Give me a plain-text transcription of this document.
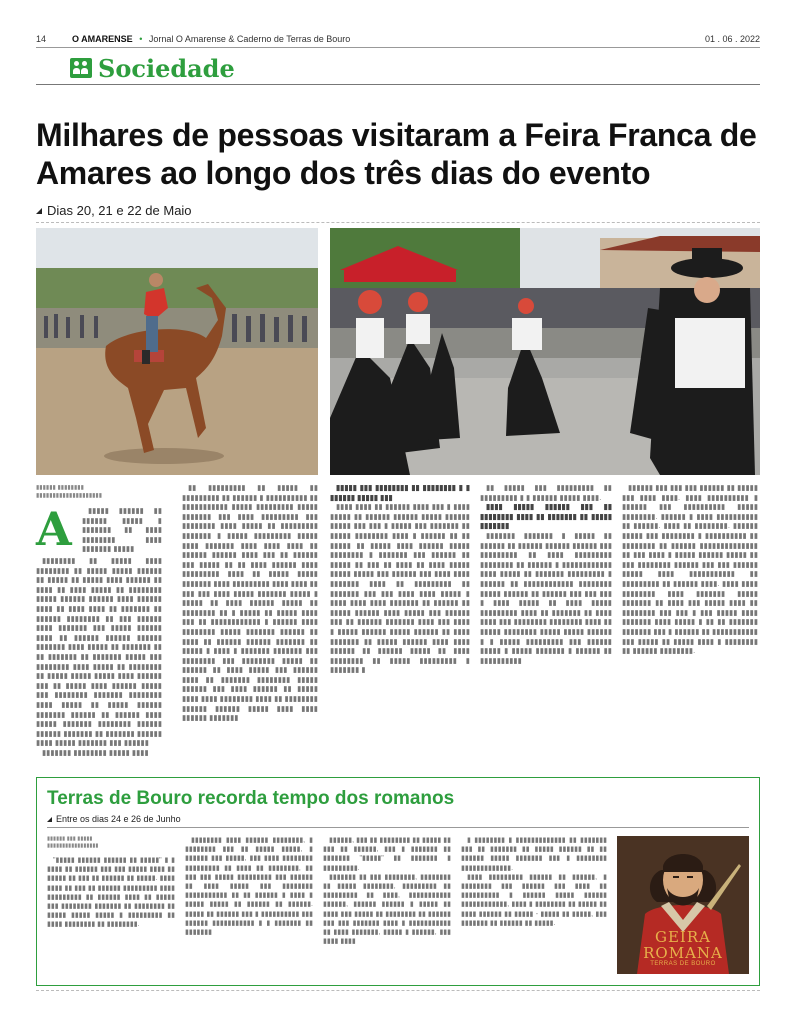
14	O AMARENSE • Jornal O Amarense & Caderno de Terras de Bouro	01 . 06 . 2022
Sociedade
Milhares de pessoas visitaram a Feira Franca de Amares ao longo dos três dias do evento
Dias 20, 21 e 22 de Maio
▮▮▮▮▮▮ ▮▮▮▮▮▮▮▮
▮▮▮▮▮▮▮▮▮▮▮▮▮▮▮▮▮▮▮▮
A	▮▮▮▮▮ ▮▮▮▮▮▮ ▮▮ ▮▮▮▮▮▮ ▮▮▮▮▮ ▮ ▮▮▮▮▮▮▮ ▮▮ ▮▮▮▮ ▮▮▮▮▮▮▮▮ ▮▮▮▮ ▮▮▮▮▮▮▮ ▮▮▮▮▮

▮▮▮▮▮▮▮▮ ▮▮ ▮▮▮▮▮ ▮▮▮▮ ▮▮▮▮▮▮▮▮ ▮▮ ▮▮▮▮▮ ▮▮▮▮▮ ▮▮▮▮▮▮ ▮▮ ▮▮▮▮▮ ▮▮ ▮▮▮▮▮ ▮▮▮▮ ▮▮▮▮▮▮ ▮▮ ▮▮▮▮ ▮▮ ▮▮▮▮ ▮▮▮▮▮ ▮▮ ▮▮▮▮▮▮▮▮ ▮▮▮▮▮ ▮▮▮▮▮▮ ▮▮▮▮▮▮ ▮▮▮▮ ▮▮▮▮▮▮ ▮▮▮▮ ▮▮ ▮▮▮▮ ▮▮▮▮ ▮▮ ▮▮▮▮▮▮▮ ▮▮ ▮▮▮▮▮▮ ▮▮▮▮▮▮▮▮ ▮▮ ▮▮▮ ▮▮▮▮▮▮ ▮▮▮▮ ▮▮▮▮▮▮▮ ▮▮▮ ▮▮▮▮▮ ▮▮▮▮▮▮ ▮▮▮▮ ▮▮ ▮▮▮▮▮▮ ▮▮▮▮▮▮ ▮▮▮▮▮▮ ▮▮▮▮▮▮▮ ▮▮▮▮ ▮▮▮▮▮ ▮▮ ▮▮▮▮▮▮▮ ▮▮ ▮▮ ▮▮▮▮▮▮▮ ▮▮ ▮▮▮▮▮▮▮ ▮▮▮▮▮ ▮▮▮ ▮▮▮▮▮▮▮▮ ▮▮▮▮ ▮▮▮▮▮ ▮▮ ▮▮▮▮▮▮▮▮ ▮▮ ▮▮▮▮▮ ▮▮▮▮▮ ▮▮▮▮▮ ▮▮▮▮ ▮▮▮▮▮▮ ▮▮▮ ▮▮ ▮▮▮▮▮ ▮▮▮▮ ▮▮▮▮▮▮ ▮▮▮▮▮ ▮▮▮ ▮▮▮▮▮▮▮▮ ▮▮▮▮▮▮▮ ▮▮▮▮▮▮▮▮ ▮▮▮▮ ▮▮▮▮▮ ▮▮ ▮▮▮▮▮ ▮▮▮▮▮▮ ▮▮▮▮▮▮▮ ▮▮▮▮▮▮ ▮▮ ▮▮▮▮▮▮ ▮▮▮▮ ▮▮▮▮▮ ▮▮▮▮▮▮▮ ▮▮▮▮▮▮▮▮ ▮▮▮▮▮▮ ▮▮▮▮▮▮ ▮▮▮▮▮▮▮ ▮▮ ▮▮▮▮▮▮▮ ▮▮▮▮▮▮ ▮▮▮▮ ▮▮▮▮▮ ▮▮▮▮▮▮▮ ▮▮▮ ▮▮▮▮▮▮

▮▮▮▮▮▮▮ ▮▮▮▮▮▮▮▮ ▮▮▮▮▮ ▮▮▮▮

▮▮ ▮▮▮▮▮▮▮▮▮ ▮▮ ▮▮▮▮▮ ▮▮ ▮▮▮▮▮▮▮▮▮ ▮▮ ▮▮▮▮▮▮ ▮ ▮▮▮▮▮▮▮▮▮▮ ▮▮ ▮▮▮▮▮▮▮▮▮▮▮ ▮▮▮▮▮ ▮▮▮▮▮▮▮▮▮ ▮▮▮▮▮ ▮▮▮▮▮▮▮ ▮▮▮ ▮▮▮▮ ▮▮▮▮▮▮▮▮▮ ▮▮▮ ▮▮▮▮▮▮▮▮ ▮▮▮▮ ▮▮▮▮▮ ▮▮ ▮▮▮▮▮▮▮▮▮ ▮▮▮▮▮▮▮ ▮ ▮▮▮▮▮ ▮▮▮▮▮▮▮▮▮ ▮▮▮▮▮ ▮▮▮▮ ▮▮▮▮▮▮▮ ▮▮▮▮ ▮▮▮▮ ▮▮▮▮ ▮▮ ▮▮▮▮▮▮ ▮▮▮▮▮▮ ▮▮▮▮ ▮▮▮ ▮▮ ▮▮▮▮▮▮ ▮▮▮ ▮▮▮▮▮ ▮▮ ▮▮ ▮▮▮▮ ▮▮▮▮▮▮ ▮▮▮▮ ▮▮▮▮▮▮▮▮▮ ▮▮▮▮ ▮▮ ▮▮▮▮▮ ▮▮▮▮▮ ▮▮▮▮▮▮▮ ▮▮▮▮ ▮▮▮▮▮▮▮▮▮ ▮▮▮▮ ▮▮▮▮ ▮▮ ▮▮▮ ▮▮▮ ▮▮▮▮ ▮▮▮▮▮ ▮▮▮▮▮▮▮ ▮▮▮▮▮ ▮ ▮▮▮▮▮ ▮▮ ▮▮▮▮ ▮▮▮▮▮▮ ▮▮▮▮▮ ▮▮ ▮▮▮▮▮▮▮▮ ▮▮ ▮ ▮▮▮▮▮ ▮▮ ▮▮▮▮▮ ▮▮▮▮ ▮▮▮ ▮▮ ▮▮▮▮▮▮▮▮▮▮▮▮ ▮ ▮▮▮▮▮▮ ▮▮▮▮ ▮▮▮▮▮▮▮▮ ▮▮▮▮▮ ▮▮▮▮▮▮▮ ▮▮▮▮▮▮ ▮▮ ▮▮▮▮ ▮▮ ▮▮▮▮▮▮ ▮▮▮▮▮▮ ▮▮▮▮▮▮▮ ▮▮ ▮▮▮▮▮ ▮ ▮▮▮▮ ▮ ▮▮▮▮▮▮▮ ▮▮▮▮▮▮▮ ▮▮▮ ▮▮▮▮▮▮▮▮ ▮▮▮ ▮▮▮▮▮▮▮▮ ▮▮▮▮▮ ▮▮ ▮▮▮▮▮▮ ▮▮ ▮▮▮▮ ▮▮▮▮▮ ▮▮▮ ▮▮▮▮▮▮ ▮▮▮▮ ▮▮ ▮▮▮▮▮▮▮ ▮▮▮▮▮▮▮▮ ▮▮▮▮▮ ▮▮▮▮▮▮ ▮▮▮ ▮▮▮▮ ▮▮▮▮▮▮ ▮▮ ▮▮▮▮▮ ▮▮▮▮ ▮▮▮▮ ▮▮▮▮▮▮▮▮ ▮▮▮▮ ▮▮ ▮▮▮▮▮▮▮▮ ▮▮▮▮▮▮ ▮▮▮▮▮▮ ▮▮▮▮▮ ▮▮▮▮ ▮▮▮▮ ▮▮▮▮▮▮ ▮▮▮▮▮▮▮

▮▮▮▮▮ ▮▮▮ ▮▮▮▮▮▮▮▮ ▮▮ ▮▮▮▮▮▮▮▮ ▮ ▮ ▮▮▮▮▮▮ ▮▮▮▮▮ ▮▮▮

▮▮▮▮ ▮▮▮▮ ▮▮ ▮▮▮▮▮▮ ▮▮▮▮ ▮▮▮ ▮ ▮▮▮▮ ▮▮▮▮▮ ▮▮ ▮▮▮▮▮▮ ▮▮▮▮▮▮ ▮▮▮▮▮ ▮▮▮▮▮▮ ▮▮▮▮▮ ▮▮▮ ▮▮▮ ▮ ▮▮▮▮▮ ▮▮▮ ▮▮▮▮▮▮▮ ▮▮ ▮▮▮▮▮ ▮▮▮▮▮▮▮▮ ▮▮▮▮ ▮ ▮▮▮▮▮▮ ▮▮ ▮▮ ▮▮▮▮▮ ▮▮ ▮▮▮▮▮ ▮▮▮▮ ▮▮▮▮▮▮ ▮▮▮▮▮ ▮▮▮▮▮▮▮▮ ▮ ▮▮▮▮▮▮▮ ▮▮▮ ▮▮▮▮▮▮ ▮▮ ▮▮▮▮▮ ▮▮ ▮▮▮ ▮▮ ▮▮▮▮ ▮▮ ▮▮▮▮ ▮▮▮▮▮ ▮▮▮▮▮ ▮▮▮▮▮ ▮▮▮ ▮▮▮▮▮▮ ▮▮▮ ▮▮▮▮ ▮▮▮▮ ▮▮▮▮▮▮▮ ▮▮▮▮ ▮▮ ▮▮▮▮▮▮▮▮▮ ▮▮ ▮▮▮▮▮▮▮ ▮▮▮ ▮▮▮ ▮▮▮▮ ▮▮▮▮ ▮▮▮▮▮ ▮ ▮▮▮▮ ▮▮▮▮ ▮▮▮▮ ▮▮▮▮▮▮▮ ▮▮ ▮▮▮▮▮▮ ▮▮ ▮▮▮▮▮ ▮▮▮▮▮▮ ▮▮▮▮ ▮▮▮▮▮ ▮▮▮ ▮▮▮▮▮▮ ▮▮▮ ▮▮ ▮▮▮▮▮▮ ▮▮▮▮▮▮▮ ▮▮▮▮ ▮▮▮ ▮▮▮▮ ▮ ▮▮▮▮▮ ▮▮▮▮▮▮ ▮▮▮▮▮ ▮▮▮▮▮▮ ▮▮ ▮▮▮▮ ▮▮▮▮▮▮▮ ▮▮ ▮▮▮▮▮ ▮▮▮▮▮▮ ▮▮▮▮ ▮▮▮▮ ▮▮▮▮▮▮ ▮▮ ▮▮▮▮▮▮ ▮▮▮▮▮ ▮▮ ▮▮▮▮ ▮▮▮▮▮▮▮▮ ▮▮ ▮▮▮▮▮ ▮▮▮▮▮▮▮▮▮ ▮ ▮▮▮▮▮▮▮ ▮

▮▮ ▮▮▮▮▮ ▮▮▮ ▮▮▮▮▮▮▮▮▮ ▮▮ ▮▮▮▮▮▮▮▮▮ ▮ ▮ ▮▮▮▮▮▮ ▮▮▮▮▮ ▮▮▮▮.

▮▮▮▮ ▮▮▮▮▮ ▮▮▮▮▮▮ ▮▮▮ ▮▮ ▮▮▮▮▮▮▮▮ ▮▮▮▮ ▮▮ ▮▮▮▮▮▮▮ ▮▮ ▮▮▮▮▮ ▮▮▮▮▮▮▮

▮▮▮▮▮▮▮ ▮▮▮▮▮▮▮ ▮ ▮▮▮▮▮ ▮▮ ▮▮▮▮▮▮ ▮▮ ▮▮▮▮▮▮ ▮▮▮▮▮▮ ▮▮▮▮▮▮ ▮▮▮ ▮▮▮▮▮▮▮▮▮ ▮▮ ▮▮▮▮ ▮▮▮▮▮▮▮▮▮ ▮▮▮▮▮▮▮▮ ▮▮ ▮▮▮▮▮▮ ▮ ▮▮▮▮▮▮▮▮▮▮▮▮ ▮▮▮▮ ▮▮▮▮▮ ▮▮ ▮▮▮▮▮▮▮ ▮▮▮▮▮▮▮▮▮ ▮ ▮▮▮▮▮▮ ▮▮ ▮▮▮▮▮▮▮▮▮▮▮▮ ▮▮▮▮▮▮▮▮ ▮▮▮▮▮ ▮▮▮▮▮▮ ▮▮ ▮▮▮▮▮▮ ▮▮▮ ▮▮▮ ▮▮▮ ▮ ▮▮▮▮ ▮▮▮▮▮ ▮▮ ▮▮▮▮ ▮▮▮▮▮ ▮▮▮▮▮▮▮▮▮ ▮▮▮▮ ▮▮ ▮▮▮▮▮▮▮ ▮▮ ▮▮▮▮ ▮▮▮▮ ▮▮▮ ▮▮▮▮▮▮▮▮ ▮▮▮▮▮▮▮▮ ▮▮▮▮ ▮▮ ▮▮▮▮▮ ▮▮▮▮▮▮▮▮ ▮▮▮▮▮ ▮▮▮▮▮ ▮▮▮▮▮▮ ▮ ▮ ▮▮▮▮▮ ▮▮▮▮▮▮▮▮▮ ▮▮▮ ▮▮▮▮▮▮ ▮▮▮▮▮ ▮ ▮▮▮▮▮ ▮▮▮▮▮▮▮ ▮ ▮▮▮▮▮▮ ▮▮ ▮▮▮▮▮▮▮▮▮▮

▮▮▮▮▮▮ ▮▮▮ ▮▮▮ ▮▮▮ ▮▮▮▮▮▮ ▮▮ ▮▮▮▮▮ ▮▮▮ ▮▮▮▮ ▮▮▮▮. ▮▮▮▮ ▮▮▮▮▮▮▮▮▮▮ ▮ ▮▮▮▮▮▮ ▮▮▮ ▮▮▮▮▮▮▮▮▮▮ ▮▮▮▮▮ ▮▮▮▮▮▮▮▮. ▮▮▮▮▮▮ ▮ ▮▮▮▮ ▮▮▮▮▮▮▮▮▮▮ ▮▮ ▮▮▮▮▮▮. ▮▮▮▮ ▮▮ ▮▮▮▮▮▮▮▮. ▮▮▮▮▮▮ ▮▮▮▮▮ ▮▮▮ ▮▮▮▮▮▮▮▮ ▮ ▮▮▮▮▮▮▮▮▮▮ ▮▮ ▮▮▮▮▮▮▮▮ ▮▮ ▮▮▮▮▮▮ ▮▮▮▮▮▮▮▮▮▮▮▮▮▮ ▮▮ ▮▮▮ ▮▮▮▮ ▮ ▮▮▮▮▮ ▮▮▮▮▮▮ ▮▮▮▮▮ ▮▮ ▮▮▮ ▮▮▮▮▮▮▮▮ ▮▮▮▮▮▮ ▮▮▮ ▮▮▮ ▮▮▮▮▮▮ ▮▮▮▮▮ ▮▮▮▮ ▮▮▮▮▮▮▮▮▮▮▮ ▮▮ ▮▮▮▮▮▮▮▮▮ ▮▮ ▮▮▮▮▮▮ ▮▮▮▮. ▮▮▮▮ ▮▮▮▮ ▮▮▮▮▮▮▮▮ ▮▮▮▮ ▮▮▮▮▮▮▮ ▮▮▮▮▮ ▮▮▮▮▮▮▮ ▮▮ ▮▮▮▮ ▮▮▮ ▮▮▮▮▮ ▮▮▮▮ ▮▮ ▮▮▮▮▮▮▮▮ ▮▮▮ ▮▮▮ ▮ ▮▮▮ ▮▮▮▮▮ ▮▮▮▮ ▮▮▮▮▮▮▮ ▮▮▮▮ ▮▮▮▮▮ ▮ ▮▮ ▮▮ ▮▮▮▮▮▮▮ ▮▮▮▮▮▮▮ ▮▮▮ ▮ ▮▮▮▮▮▮ ▮▮ ▮▮▮▮▮▮▮▮▮▮▮ ▮▮▮ ▮▮▮▮▮ ▮▮ ▮▮▮▮▮ ▮▮▮▮ ▮ ▮▮▮▮▮▮▮▮ ▮▮ ▮▮▮▮▮▮ ▮▮▮▮▮▮▮▮.

Terras de Bouro recorda tempo dos romanos
Entre os dias 24 e 26 de Junho
▮▮▮▮▮▮ ▮▮▮ ▮▮▮▮▮
▮▮▮▮▮▮▮▮▮▮▮▮▮▮▮▮▮

"▮▮▮▮▮ ▮▮▮▮▮▮ ▮▮▮▮▮▮ ▮▮ ▮▮▮▮▮" ▮ ▮ ▮▮▮▮ ▮▮ ▮▮▮▮▮▮ ▮▮▮ ▮▮▮ ▮▮▮▮▮ ▮▮▮▮ ▮▮ ▮▮▮▮▮ ▮▮ ▮▮▮ ▮▮ ▮▮▮▮▮▮ ▮▮ ▮▮▮▮▮. ▮▮▮▮ ▮▮▮▮ ▮▮ ▮▮▮ ▮▮ ▮▮▮▮▮▮ ▮▮▮▮▮▮▮▮▮ ▮▮▮▮ ▮▮▮▮▮▮▮▮▮ ▮▮ ▮▮▮▮▮▮ ▮▮▮▮ ▮▮ ▮▮▮▮▮ ▮▮▮ ▮▮▮▮▮▮▮▮ ▮▮▮▮▮▮▮ ▮▮ ▮▮▮▮▮▮▮▮ ▮▮ ▮▮▮▮▮ ▮▮▮▮▮ ▮▮▮▮▮ ▮ ▮▮▮▮▮▮▮▮▮ ▮▮ ▮▮▮▮ ▮▮▮▮▮▮▮▮ ▮▮ ▮▮▮▮▮▮▮▮.

▮▮▮▮▮▮▮▮ ▮▮▮▮ ▮▮▮▮▮▮ ▮▮▮▮▮▮▮▮, ▮ ▮▮▮▮▮▮▮▮ ▮▮▮ ▮▮ ▮▮▮▮▮ ▮▮▮▮▮, ▮ ▮▮▮▮▮▮ ▮▮▮ ▮▮▮▮▮, ▮▮▮ ▮▮▮▮ ▮▮▮▮▮▮▮▮ ▮▮▮▮▮▮▮▮▮ ▮▮ ▮▮▮▮ ▮▮ ▮▮▮▮▮▮▮▮, ▮▮ ▮▮▮ ▮▮▮ ▮▮▮▮▮ ▮▮▮▮▮▮▮▮▮ ▮▮▮ ▮▮▮▮▮▮ ▮▮ ▮▮▮▮ ▮▮▮▮▮ ▮▮▮ ▮▮▮▮▮▮▮▮ ▮▮▮▮▮▮▮▮▮▮▮ ▮▮ ▮▮ ▮▮▮▮▮▮ ▮ ▮▮▮▮ ▮ ▮▮▮▮▮ ▮▮▮▮▮ ▮▮ ▮▮▮▮▮▮ ▮▮ ▮▮▮▮▮▮. ▮▮▮▮▮ ▮▮ ▮▮▮▮▮▮ ▮▮▮ ▮ ▮▮▮▮▮▮▮▮▮▮ ▮▮▮ ▮▮▮▮▮▮ ▮▮▮▮▮▮▮▮▮▮▮ ▮ ▮ ▮▮▮▮▮▮▮ ▮▮ ▮▮▮▮▮▮▮

▮▮▮▮▮▮, ▮▮▮ ▮▮ ▮▮▮▮▮▮▮▮ ▮▮ ▮▮▮▮▮ ▮▮ ▮▮▮ ▮▮ ▮▮▮▮▮▮, ▮▮▮ ▮ ▮▮▮▮▮▮▮ ▮▮ ▮▮▮▮▮▮▮ "▮▮▮▮▮" ▮▮ ▮▮▮▮▮▮▮ ▮ ▮▮▮▮▮▮▮▮▮.

▮▮▮▮▮▮▮ ▮▮ ▮▮▮ ▮▮▮▮▮▮▮▮, ▮▮▮▮▮▮▮▮ ▮▮ ▮▮▮▮▮ ▮▮▮▮▮▮▮▮, ▮▮▮▮▮▮▮▮▮ ▮▮ ▮▮▮▮▮▮▮▮▮ ▮▮ ▮▮▮▮, ▮▮▮▮▮▮▮▮▮▮▮ ▮▮▮▮▮▮, ▮▮▮▮▮▮ ▮▮▮▮▮▮ ▮ ▮▮▮▮▮ ▮▮ ▮▮▮▮ ▮▮▮ ▮▮▮▮▮ ▮▮ ▮▮▮▮▮▮▮▮ ▮▮ ▮▮▮▮▮▮ ▮▮▮ ▮▮▮ ▮▮▮▮▮▮▮ ▮▮▮▮ ▮ ▮▮▮▮▮▮▮▮▮▮▮ ▮▮ ▮▮▮▮ ▮▮▮▮▮▮▮, ▮▮▮▮▮ ▮ ▮▮▮▮▮▮, ▮▮▮ ▮▮▮▮ ▮▮▮▮

▮ ▮▮▮▮▮▮▮▮ ▮ ▮▮▮▮▮▮▮▮▮▮▮▮▮ ▮▮ ▮▮▮▮▮▮▮ ▮▮▮ ▮▮ ▮▮▮▮▮▮▮ ▮▮ ▮▮▮▮▮ ▮▮▮▮▮▮ ▮▮ ▮▮ ▮▮▮▮▮▮ ▮▮▮▮▮ ▮▮▮▮▮▮▮ ▮▮▮ ▮ ▮▮▮▮▮▮▮▮ ▮▮▮▮▮▮▮▮▮▮▮▮▮.

▮▮▮▮ ▮▮▮▮▮▮▮▮▮ ▮▮▮▮▮▮ ▮▮ ▮▮▮▮▮▮, ▮ ▮▮▮▮▮▮▮▮ ▮▮▮ ▮▮▮▮▮▮ ▮▮▮ ▮▮▮▮ ▮▮ ▮▮▮▮▮▮▮▮▮▮ ▮ ▮▮▮▮▮▮ ▮▮▮▮▮ ▮▮▮▮▮▮ ▮▮▮▮▮▮▮▮▮▮▮▮, ▮▮▮▮ ▮ ▮▮▮▮▮▮▮▮ ▮▮ ▮▮▮▮▮ ▮▮ ▮▮▮▮ ▮▮▮▮▮▮ ▮▮ ▮▮▮▮▮ - ▮▮▮▮▮ ▮▮ ▮▮▮▮▮, ▮▮▮ ▮▮▮▮▮▮▮ ▮▮ ▮▮▮▮▮▮ ▮▮ ▮▮▮▮▮.

GEIRA
ROMANA
TERRAS DE BOURO
